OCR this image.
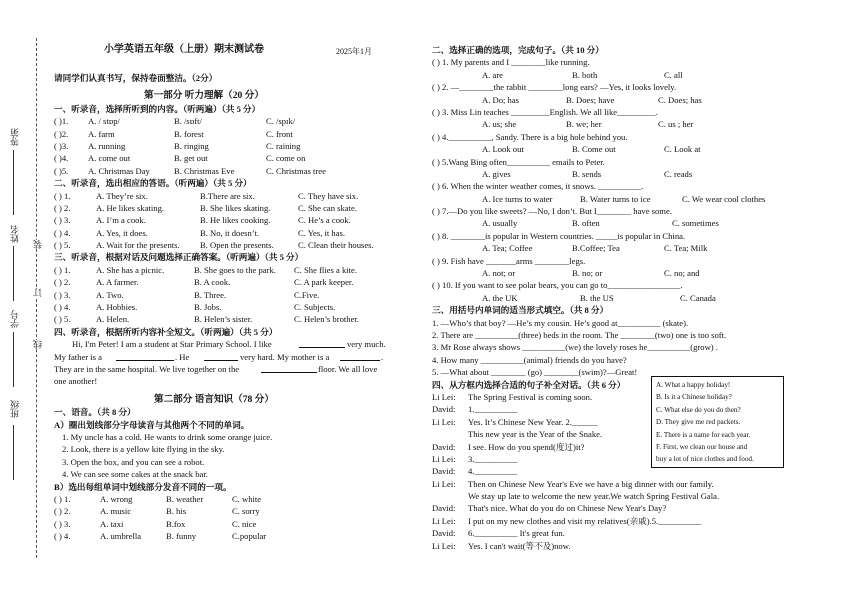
班级
学号
姓名
等第
装
订
线
小学英语五年级（上册）期末测试卷	2025年1月
请同学们认真书写，保持卷面整洁。（2分）
第一部分 听力理解（20 分）
一、听录音，选择所听到的内容。（听两遍）（共 5 分）
( )1. A. / stɒp/	B. /sɒft/	C. /spɪk/
( )2. A. farm	B. forest	C. front
( )3. A. running	B. ringing	C. raining
( )4. A. come out	B. get out	C. come on
( )5. A. Christmas Day	B. Christmas Eve	C. Christmas tree
二、听录音，选出相应的答语。（听两遍）（共 5 分）
( ) 1.	A. They’re six.	B.There are six.	C. They have six.
( ) 2.	A. He likes skating.	B. She likes skating.	C. She can skate.
( ) 3.	A. I’m a cook.	B. He likes cooking.	C. He’s a cook.
( ) 4.	A. Yes, it does.	B. No, it doesn’t.	C. Yes, it has.
( ) 5.	A. Wait for the presents. B. Open the presents.	C. Clean their houses.
三、听录音，根据对话及问题选择正确答案。（听两遍）（共 5 分）
( ) 1.	A. She has a picnic.	B. She goes to the park. C. She flies a kite.
( ) 2.	A. A farmer.	B. A cook.	C. A park keeper.
( ) 3.	A. Two.	B. Three.	C.Five.
( ) 4.	A. Hobbies.	B. Jobs.	C. Subjects.
( ) 5.	A. Helen.	B. Helen’s sister.	C. Helen’s brother.
四、听录音，根据所听内容补全短文。（听两遍）（共 5 分）
Hi, I'm Peter! I am a student at Star Primary School. I like	very much.
My father is a	. He	very hard. My mother is a	.
They are in the same hospital. We live together on the	floor. We all love
one another!
第二部分 语言知识（78 分）
一、语音。（共 8 分）
A）圈出划线部分字母读音与其他两个不同的单词。
1. My uncle has a cold. He wants to drink some orange juice.
2. Look, there is a yellow kite flying in the sky.
3. Open the box, and you can see a robot.
4. We can see some cakes at the snack bar.
B）选出每组单词中划线部分发音不同的一项。
( ) 1.	A. wrong	B. weather	C. white
( ) 2.	A. music	B. his	C. sorry
( ) 3.	A. taxi	B.fox	C. nice
( ) 4.	A. umbrella	B. funny	C.popular
二、选择正确的选项，完成句子。（共 10 分）
( ) 1. My parents and I ________like running.
A. are	B. both	C. all
( ) 2. —________the rabbit ________long ears? —Yes, it looks lovely.
A. Do; has	B. Does; have	C. Does; has
( ) 3. Miss Lin teaches _________English. We all like_________.
A. us; she	B. we; her	C. us ; her
( ) 4.__________, Sandy. There is a big hole behind you.
A. Look out	B. Come out	C. Look at
( ) 5.Wang Bing often__________ emails to Peter.
A. gives	B. sends	C. reads
( ) 6. When the winter weather comes, it snows. __________.
A. Ice turns to water	B. Water turns to ice	C. We wear cool clothes
( ) 7.—Do you like sweets? —No, I don’t. But I________ have some.
A. usually	B. often	C. sometimes
( ) 8. ________is popular in Western countries. _____is popular in China.
A. Tea; Coffee	B.Coffee; Tea	C. Tea; Milk
( ) 9. Fish have _______arms ________legs.
A. not; or	B. no; or	C. no; and
( ) 10. If you want to see polar bears, you can go to_________________.
A. the UK	B. the US	C. Canada
三、用括号内单词的适当形式填空。（共 8 分）
1. —Who’s that boy? —He’s my cousin. He’s good at__________ (skate).
2. There are __________(three) beds in the room. The ________(two) one is too soft.
3. Mr Rose always shows __________(we) the lovely roses he__________(grow) .
4. How many __________(animal) friends do you have?
5. —What about ________ (go) ________(swim)?—Great!
四、从方框内选择合适的句子补全对话。（共 6 分）
Li Lei: The Spring Festival is coming soon.
David: 1.__________
Li Lei: Yes. It’s Chinese New Year. 2.______
This new year is the Year of the Snake.
David: I see. How do you spend(度过)it?
Li Lei: 3.__________
David: 4.__________
Li Lei: Then on Chinese New Year's Eve we have a big dinner with our family.
We stay up late to welcome the new year.We watch Spring Festival Gala.
David: That's nice. What do you do on Chinese New Year's Day?
Li Lei: I put on my new clothes and visit my relatives(亲戚).5.__________
David: 6.__________ It's great fun.
Li Lei: Yes. I can't wait(等不及)now.
A. What a happy holiday!
B. Is it a Chinese holiday?
C. What else do you do then?
D. They give me red packets.
E. There is a name for each year.
F. First, we clean our house and
buy a lot of nice clothes and food.
